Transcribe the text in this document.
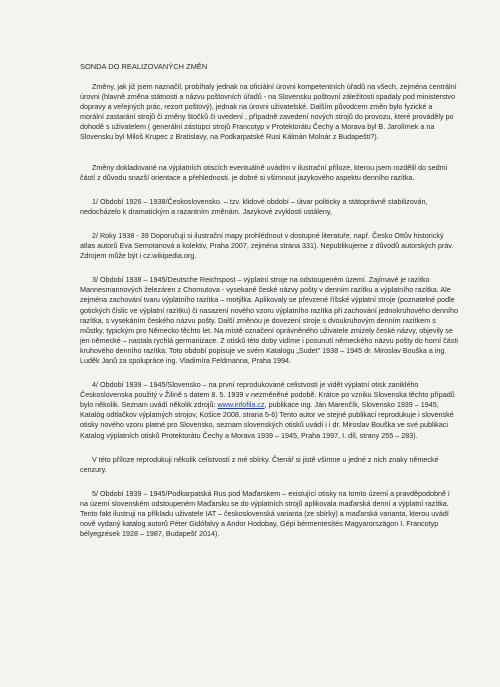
SONDA DO REALIZOVANÝCH ZMĚN

Změny, jak již jsem naznačil, probíhaly jednak na oficiální úrovni kompetentních úřadů na všech, zejména centrální úrovni (hlavně změna státnosti a názvu poštovních úřadů - na Slovensku poštovní záležitosti spadaly pod ministerstvo dopravy a veřejných prác, rezort poštový), jednak na úrovni uživatelské. Dalším původcem změn bylo fyzické a morální zastarání strojů či změny štočků či uvedení , případně zavedení nových strojů do provozu, které prováděly po dohodě s uživatelem ( generální zástupci strojů Francotyp v Protektorátu Čechy a Morava byl B. Jarolímek a na Slovensku byl Miloš Krupec z Bratislavy, na Podkarpatské Rusi Kálmán Molnár z Budapešti?).

Změny dokladované na výplatních otiscích eventuálně uvádím v ilustrační příloze, kterou jsem rozdělil do sedmi částí z důvodu snazší orientace a přehlednosti. je dobré si všimnout jazykového aspektu denního razítka.

1/ Období 1926 – 1938/Československo. – tzv. klidové období – útvar politicky a státoprávně stabilizován, nedocházelo k dramatickým a razantním změnám. Jazykové zvyklosti ustáleny,

2/ Roky 1938 - 39 Doporučuji si ilustrační mapy prohlédnout v dostupné literatuře, např. Česko Ottův historický atlas autorů Eva Semotanová a kolektiv, Praha 2007, zejména strana 331). Nepublikujeme z důvodů autorských práv. Zdrojem může být i cz.wikipedia.org.

3/ Období 1938 – 1945/Deutsche Reichspost – výplatní stroje na odstoupeném území. Zajímavé je razítko Mannesmannových železáren z Chomutova - vysekané české názvy pošty v denním razítku a výplatního razítka. Ale zejména zachování tvaru výplatního razítka – motýlka. Aplikovaly se převzené říšské výplatní stroje (poznatelné podle gotických číslic ve výplatní razítku) či nasazení nového vzoru výplatního razítka při zachování jednokruhového denního razítka, s vysekáním českého názvu pošty. Další změnou je dovezení stroje s dvoukruhovým denním razítkem s můstky, typickým pro Německo těchto let. Na místě označení oprávněného uživatele zmizely české názvy, objevily se jen německé – nastala rychlá germanizace. Z otisků této doby vidíme i posunutí německého názvu pošty do horní části kruhového denního razítka. Toto období popisuje ve svém Katalogu „Sudet" 1938 – 1945 dr. Miroslav Bouška a ing. Luděk Janů za spolupráce ing. Vladimíra Feldmanna, Praha 1994.

4/ Období 1939 – 1945/Slovensko – na první reprodukované celistvosti je vidět výplatní otisk zaniklého Československa použitý v Žilině s datem 8. 5. 1939 v nezměněné podobě. Krátce po vzniku Slovenska těchto případů bylo několik. Seznam uvádí několik zdrojů: www.infofila.cz, publikace ing. Ján Marenčík, Slovensko 1939 – 1945, Katalóg odtlačkov výplatných strojov, Košice 2008, strana 5-6) Tento autor ve stejné publikaci reprodukuje i slovenské otisky nového vzoru platné pro Slovensko, seznam slovenských otisků uvádí i i dr. Miroslav Bouška ve své publikaci Katalog výplatních otisků Protektorátu Čechy a Morava 1939 – 1945, Praha 1997, I. díl, strany 255 – 283).

V této příloze reprodukuji několik celistvostí z mé sbírky. Čtenář si jistě všimne u jedné z nich znaky německé cenzury.

5/ Období 1939 – 1945/Podkarpatská Rus pod Maďarskem – existující otisky na tomto území a pravděpodobně i na území slovenském odstoupeném Maďarsku se do výplatních strojů aplikovala maďarská denní a výplatní razítka. Tento fakt ilustruji na příkladu uživatele IAT – československá varianta (ze sbírky) a maďarská varianta, kterou uvádí nově vydaný katalog autorů Péter Gidófalvy a Andor Hodobay, Gépi bérmentesítés Magyarorszägon I. Francotyp bélyegzések 1928 – 1987, Budapešť 2014).
